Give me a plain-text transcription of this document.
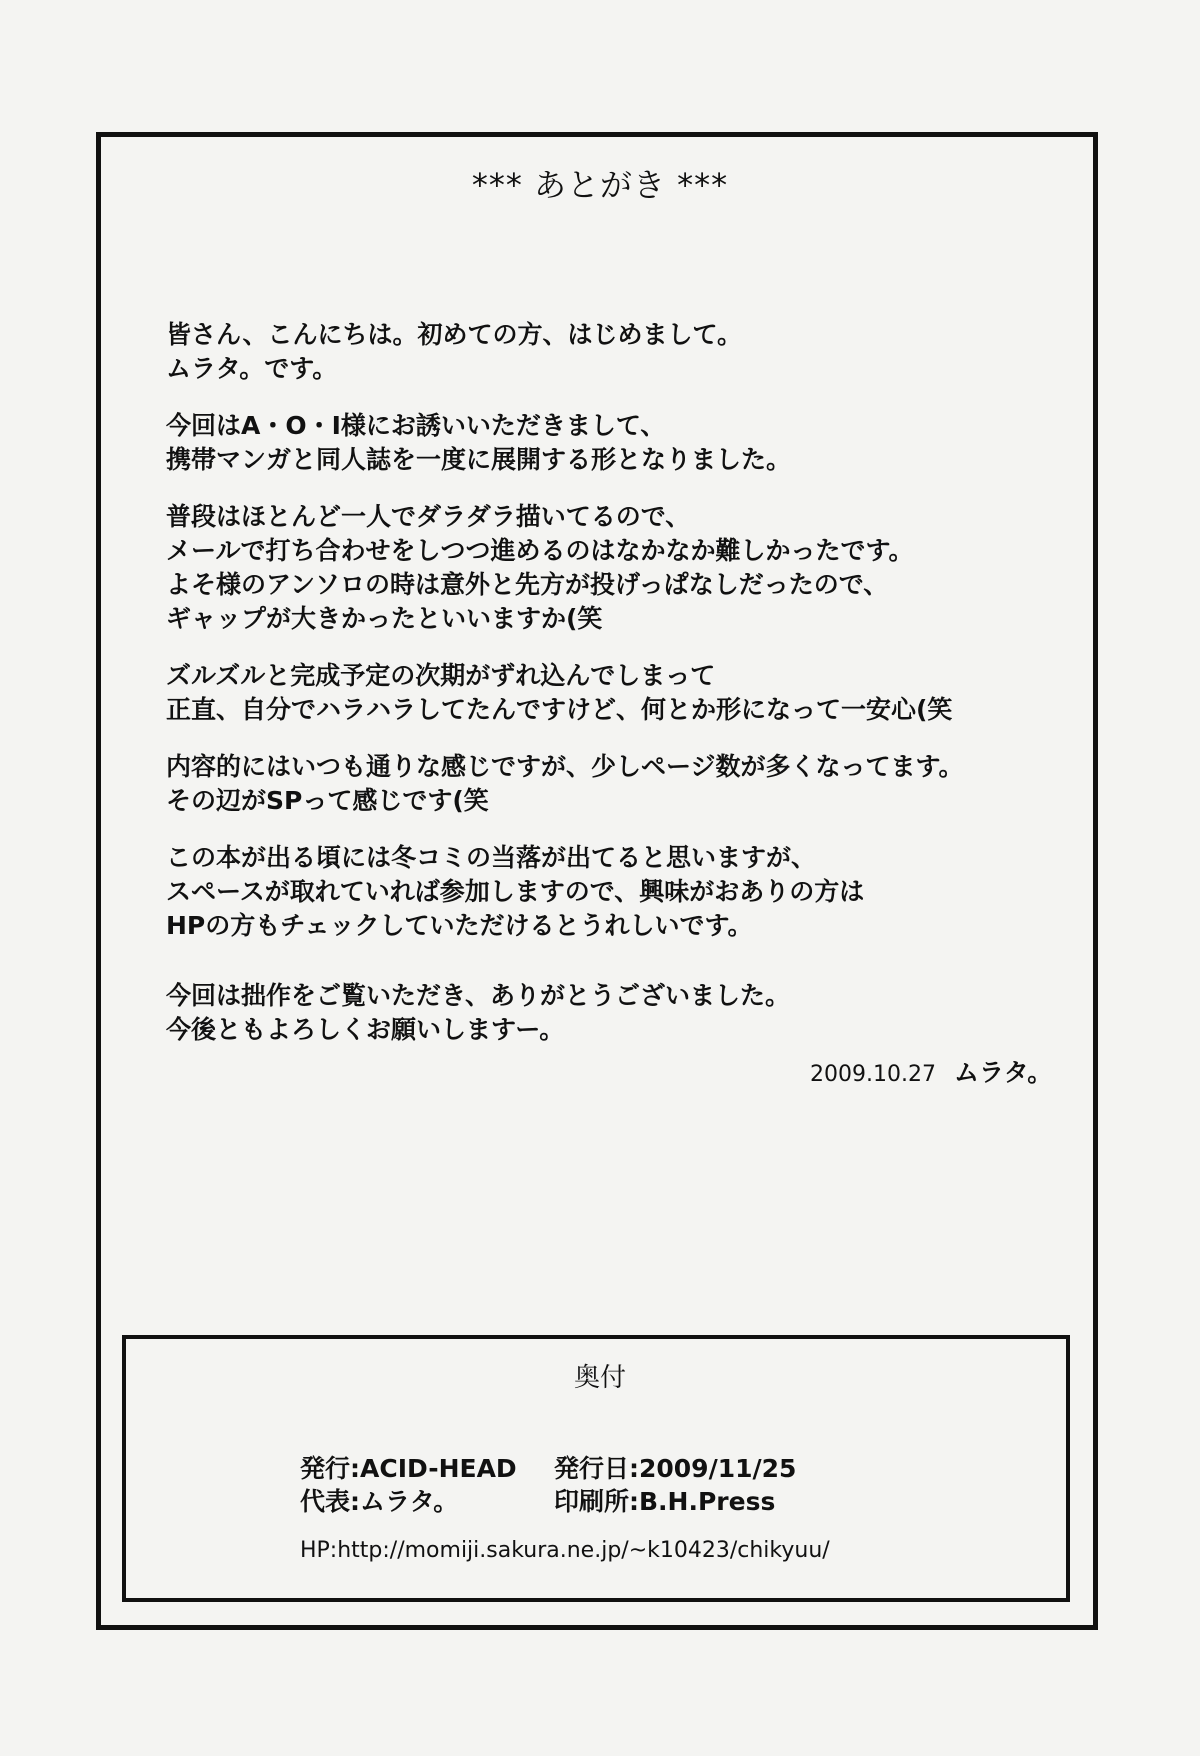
*** あとがき ***

皆さん、こんにちは。初めての方、はじめまして。
ムラタ。です。

今回はA・O・I様にお誘いいただきまして、
携帯マンガと同人誌を一度に展開する形となりました。

普段はほとんど一人でダラダラ描いてるので、
メールで打ち合わせをしつつ進めるのはなかなか難しかったです。
よそ様のアンソロの時は意外と先方が投げっぱなしだったので、
ギャップが大きかったといいますか(笑

ズルズルと完成予定の次期がずれ込んでしまって
正直、自分でハラハラしてたんですけど、何とか形になって一安心(笑

内容的にはいつも通りな感じですが、少しページ数が多くなってます。
その辺がSPって感じです(笑

この本が出る頃には冬コミの当落が出てると思いますが、
スペースが取れていれば参加しますので、興味がおありの方は
HPの方もチェックしていただけるとうれしいです。

今回は拙作をご覧いただき、ありがとうございました。
今後ともよろしくお願いしますー。

2009.10.27 ムラタ。
奥付
発行:ACID-HEAD	発行日:2009/11/25
代表:ムラタ。	印刷所:B.H.Press
HP:http://momiji.sakura.ne.jp/~k10423/chikyuu/
